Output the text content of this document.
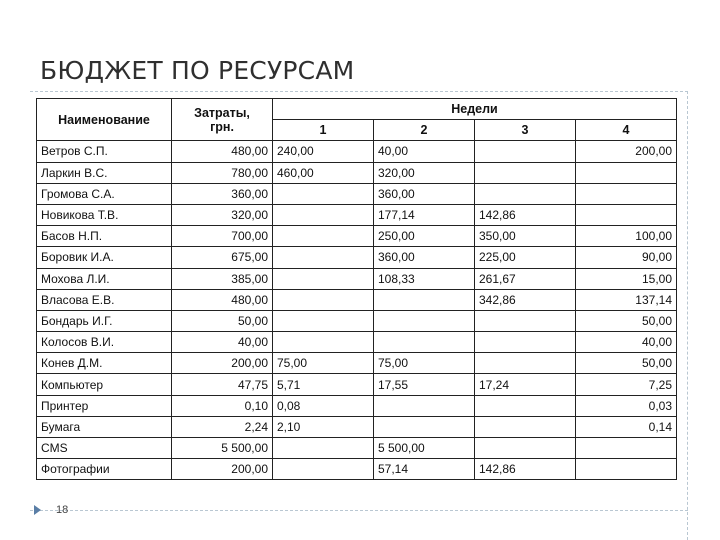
БЮДЖЕТ ПО РЕСУРСАМ
Наименование	Затраты,
грн.	Недели			
		1	2	3	4
Ветров С.П.	480,00	240,00	40,00		200,00
Ларкин В.С.	780,00	460,00	320,00		
Громова С.А.	360,00		360,00		
Новикова Т.В.	320,00		177,14	142,86	
Басов Н.П.	700,00		250,00	350,00	100,00
Боровик И.А.	675,00		360,00	225,00	90,00
Мохова Л.И.	385,00		108,33	261,67	15,00
Власова Е.В.	480,00			342,86	137,14
Бондарь И.Г.	50,00				50,00
Колосов В.И.	40,00				40,00
Конев Д.М.	200,00	75,00	75,00		50,00
Компьютер	47,75	5,71	17,55	17,24	7,25
Принтер	0,10	0,08			0,03
Бумага	2,24	2,10			0,14
CMS	5 500,00		5 500,00		
Фотографии	200,00		57,14	142,86	
18
